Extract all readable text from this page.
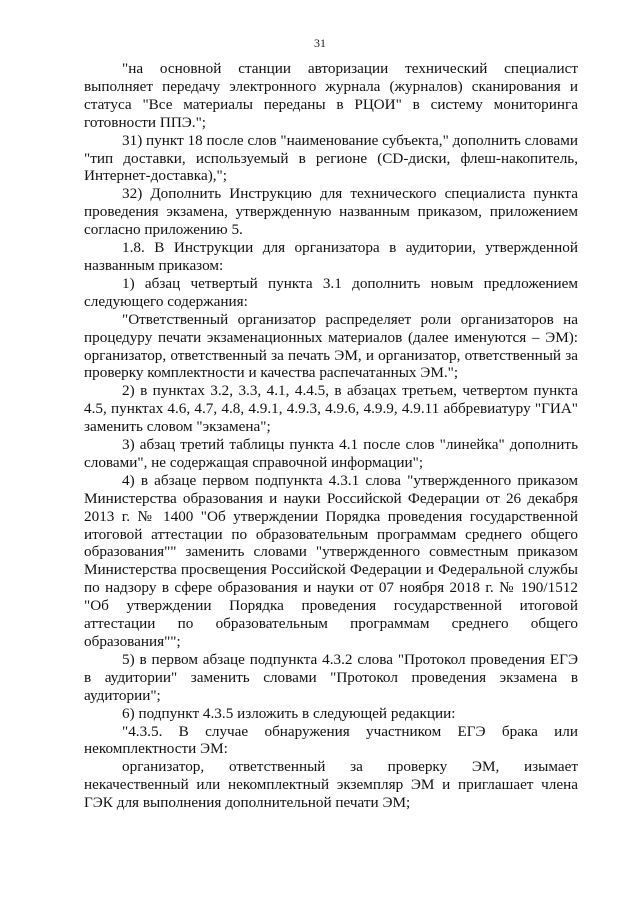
31

"на основной станции авторизации технический специалист выполняет передачу электронного журнала (журналов) сканирования и статуса "Все материалы переданы в РЦОИ" в систему мониторинга готовности ППЭ.";

31) пункт 18 после слов "наименование субъекта," дополнить словами "тип доставки, используемый в регионе (CD-диски, флеш-накопитель, Интернет-доставка),";

32) Дополнить Инструкцию для технического специалиста пункта проведения экзамена, утвержденную названным приказом, приложением согласно приложению 5.

1.8. В Инструкции для организатора в аудитории, утвержденной названным приказом:

1) абзац четвертый пункта 3.1 дополнить новым предложением следующего содержания:

"Ответственный организатор распределяет роли организаторов на процедуру печати экзаменационных материалов (далее именуются – ЭМ): организатор, ответственный за печать ЭМ, и организатор, ответственный за проверку комплектности и качества распечатанных ЭМ.";

2) в пунктах 3.2, 3.3, 4.1, 4.4.5, в абзацах третьем, четвертом пункта 4.5, пунктах 4.6, 4.7, 4.8, 4.9.1, 4.9.3, 4.9.6, 4.9.9, 4.9.11 аббревиатуру "ГИА" заменить словом "экзамена";

3) абзац третий таблицы пункта 4.1 после слов "линейка" дополнить словами", не содержащая справочной информации";

4) в абзаце первом подпункта 4.3.1 слова "утвержденного приказом Министерства образования и науки Российской Федерации от 26 декабря 2013 г. № 1400 "Об утверждении Порядка проведения государственной итоговой аттестации по образовательным программам среднего общего образования"" заменить словами "утвержденного совместным приказом Министерства просвещения Российской Федерации и Федеральной службы по надзору в сфере образования и науки от 07 ноября 2018 г. № 190/1512 "Об утверждении Порядка проведения государственной итоговой аттестации по образовательным программам среднего общего образования"";

5) в первом абзаце подпункта 4.3.2 слова "Протокол проведения ЕГЭ в аудитории" заменить словами "Протокол проведения экзамена в аудитории";

6) подпункт 4.3.5 изложить в следующей редакции:

"4.3.5. В случае обнаружения участником ЕГЭ брака или некомплектности ЭМ:

организатор, ответственный за проверку ЭМ, изымает некачественный или некомплектный экземпляр ЭМ и приглашает члена ГЭК для выполнения дополнительной печати ЭМ;
